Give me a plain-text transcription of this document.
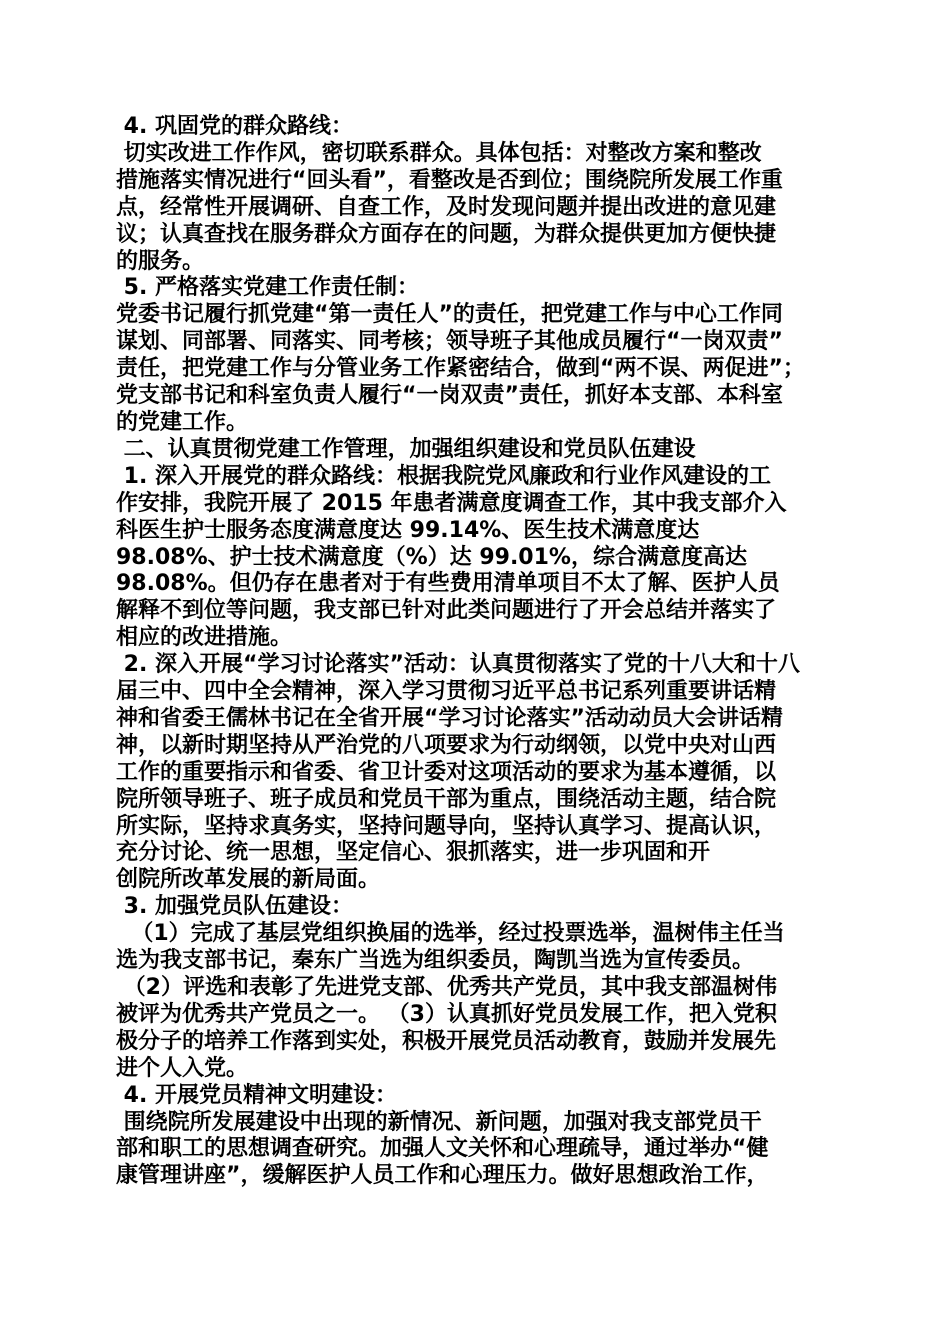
4. 巩固党的群众路线：
切实改进工作作风，密切联系群众。具体包括：对整改方案和整改
措施落实情况进行“回头看”，看整改是否到位；围绕院所发展工作重
点，经常性开展调研、自查工作，及时发现问题并提出改进的意见建
议；认真查找在服务群众方面存在的问题，为群众提供更加方便快捷
的服务。
5. 严格落实党建工作责任制：
党委书记履行抓党建“第一责任人”的责任，把党建工作与中心工作同
谋划、同部署、同落实、同考核；领导班子其他成员履行“一岗双责”
责任，把党建工作与分管业务工作紧密结合，做到“两不误、两促进”；
党支部书记和科室负责人履行“一岗双责”责任，抓好本支部、本科室
的党建工作。
二、认真贯彻党建工作管理，加强组织建设和党员队伍建设
1. 深入开展党的群众路线：根据我院党风廉政和行业作风建设的工
作安排，我院开展了 2015 年患者满意度调查工作，其中我支部介入
科医生护士服务态度满意度达 99.14%、医生技术满意度达
98.08%、护士技术满意度（%）达 99.01%，综合满意度高达
98.08%。但仍存在患者对于有些费用清单项目不太了解、医护人员
解释不到位等问题，我支部已针对此类问题进行了开会总结并落实了
相应的改进措施。
2. 深入开展“学习讨论落实”活动：认真贯彻落实了党的十八大和十八
届三中、四中全会精神，深入学习贯彻习近平总书记系列重要讲话精
神和省委王儒林书记在全省开展“学习讨论落实”活动动员大会讲话精
神，以新时期坚持从严治党的八项要求为行动纲领，以党中央对山西
工作的重要指示和省委、省卫计委对这项活动的要求为基本遵循，以
院所领导班子、班子成员和党员干部为重点，围绕活动主题，结合院
所实际，坚持求真务实，坚持问题导向，坚持认真学习、提高认识，
充分讨论、统一思想，坚定信心、狠抓落实，进一步巩固和开
创院所改革发展的新局面。
3. 加强党员队伍建设：
（1）完成了基层党组织换届的选举，经过投票选举，温树伟主任当
选为我支部书记，秦东广当选为组织委员，陶凯当选为宣传委员。
（2）评选和表彰了先进党支部、优秀共产党员，其中我支部温树伟
被评为优秀共产党员之一。 （3）认真抓好党员发展工作，把入党积
极分子的培养工作落到实处，积极开展党员活动教育，鼓励并发展先
进个人入党。
4. 开展党员精神文明建设：
围绕院所发展建设中出现的新情况、新问题，加强对我支部党员干
部和职工的思想调查研究。加强人文关怀和心理疏导，通过举办“健
康管理讲座”，缓解医护人员工作和心理压力。做好思想政治工作，
